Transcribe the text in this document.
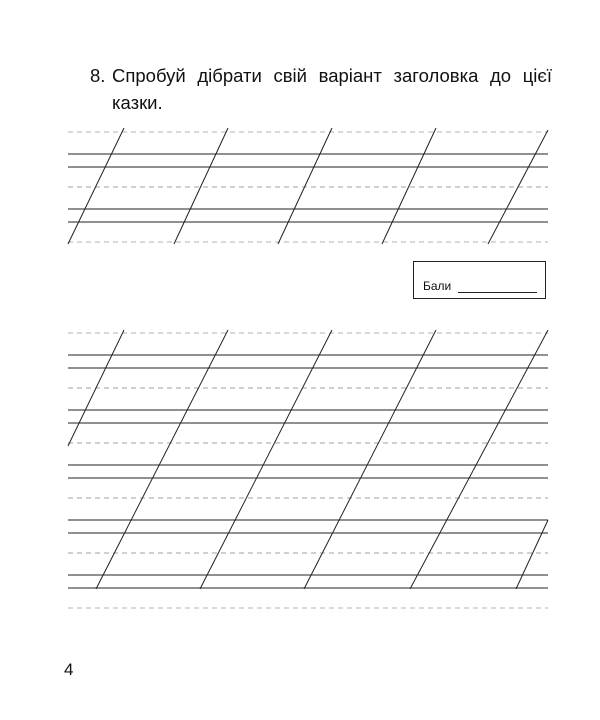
8. Спробуй дібрати свій варіант заголовка до цієї
казки.
Бали
4
